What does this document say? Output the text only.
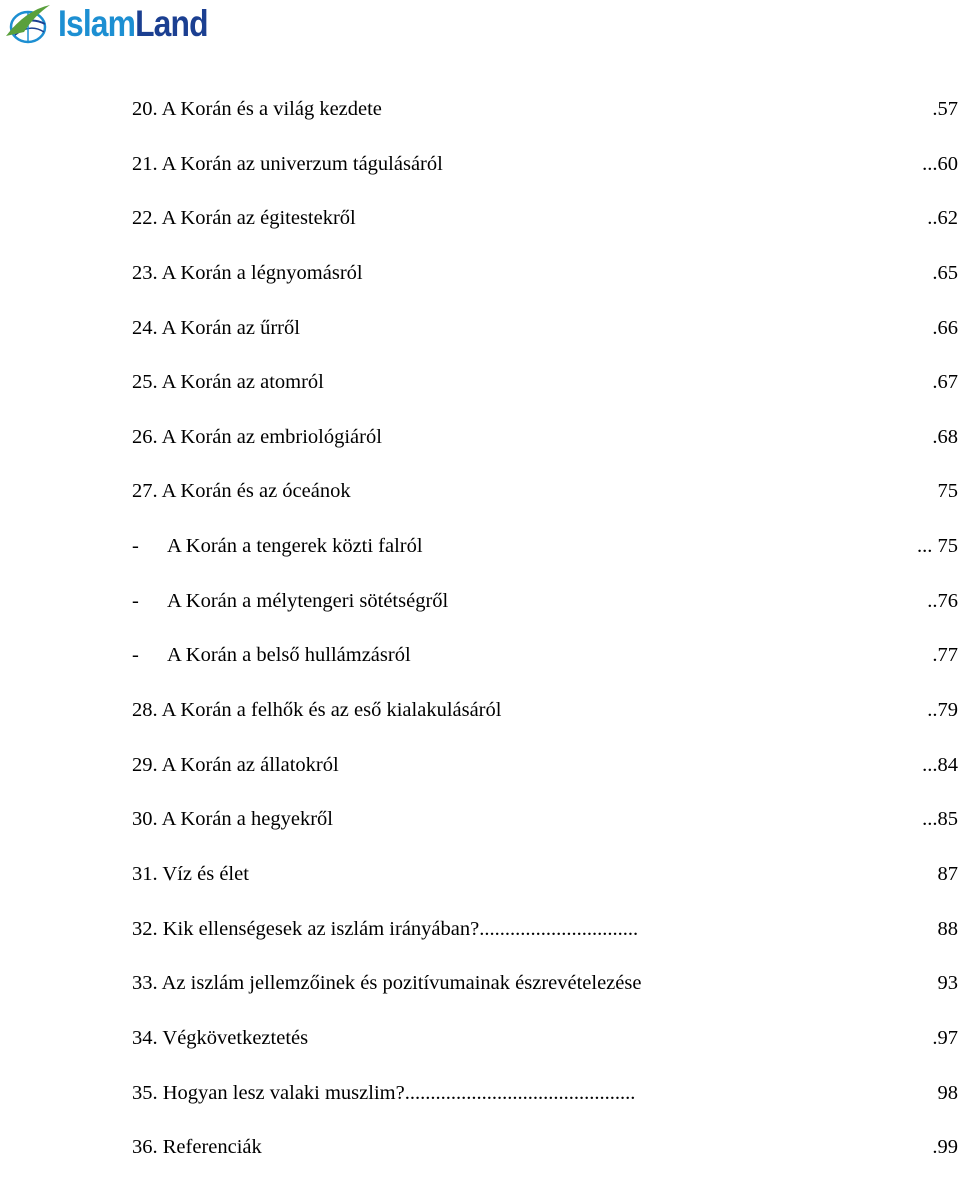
IslamLand
20. A Korán és a világ kezdete	.57
21. A Korán az univerzum tágulásáról	...60
22. A Korán az égitestekről	..62
23. A Korán a légnyomásról	.65
24. A Korán az űrről	.66
25. A Korán az atomról	.67
26. A Korán az embriológiáról	.68
27. A Korán és az óceánok	75
- A Korán a tengerek közti falról	... 75
- A Korán a mélytengeri sötétségről	..76
- A Korán a belső hullámzásról	.77
28. A Korán a felhők és az eső kialakulásáról	..79
29. A Korán az állatokról	...84
30. A Korán a hegyekről	...85
31. Víz és élet	87
32. Kik ellenségesek az iszlám irányában?...............................	88
33. Az iszlám jellemzőinek és pozitívumainak észrevételezése	93
34. Végkövetkeztetés	.97
35. Hogyan lesz valaki muszlim?.............................................	98
36. Referenciák	.99
